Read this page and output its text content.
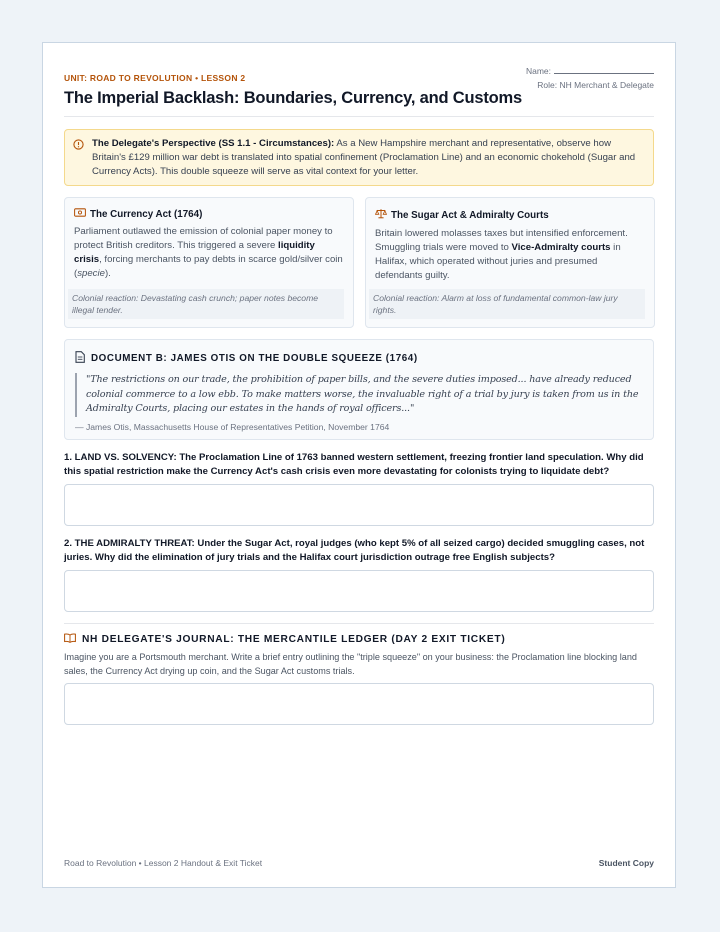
UNIT: ROAD TO REVOLUTION • LESSON 2
The Imperial Backlash: Boundaries, Currency, and Customs
Name:
Role: NH Merchant & Delegate
The Delegate's Perspective (SS 1.1 - Circumstances): As a New Hampshire merchant and representative, observe how Britain's £129 million war debt is translated into spatial confinement (Proclamation Line) and an economic chokehold (Sugar and Currency Acts). This double squeeze will serve as vital context for your letter.
The Currency Act (1764)

Parliament outlawed the emission of colonial paper money to protect British creditors. This triggered a severe liquidity crisis, forcing merchants to pay debts in scarce gold/silver coin (specie).

Colonial reaction: Devastating cash crunch; paper notes become illegal tender.
The Sugar Act & Admiralty Courts

Britain lowered molasses taxes but intensified enforcement. Smuggling trials were moved to Vice-Admiralty courts in Halifax, which operated without juries and presumed defendants guilty.

Colonial reaction: Alarm at loss of fundamental common-law jury rights.
DOCUMENT B: JAMES OTIS ON THE DOUBLE SQUEEZE (1764)
"The restrictions on our trade, the prohibition of paper bills, and the severe duties imposed... have already reduced colonial commerce to a low ebb. To make matters worse, the invaluable right of a trial by jury is taken from us in the Admiralty Courts, placing our estates in the hands of royal officers..."
— James Otis, Massachusetts House of Representatives Petition, November 1764
1. LAND VS. SOLVENCY: The Proclamation Line of 1763 banned western settlement, freezing frontier land speculation. Why did this spatial restriction make the Currency Act's cash crisis even more devastating for colonists trying to liquidate debt?
2. THE ADMIRALTY THREAT: Under the Sugar Act, royal judges (who kept 5% of all seized cargo) decided smuggling cases, not juries. Why did the elimination of jury trials and the Halifax court jurisdiction outrage free English subjects?
NH DELEGATE'S JOURNAL: THE MERCANTILE LEDGER (DAY 2 EXIT TICKET)
Imagine you are a Portsmouth merchant. Write a brief entry outlining the "triple squeeze" on your business: the Proclamation line blocking land sales, the Currency Act drying up coin, and the Sugar Act customs trials.
Road to Revolution • Lesson 2 Handout & Exit Ticket	Student Copy
